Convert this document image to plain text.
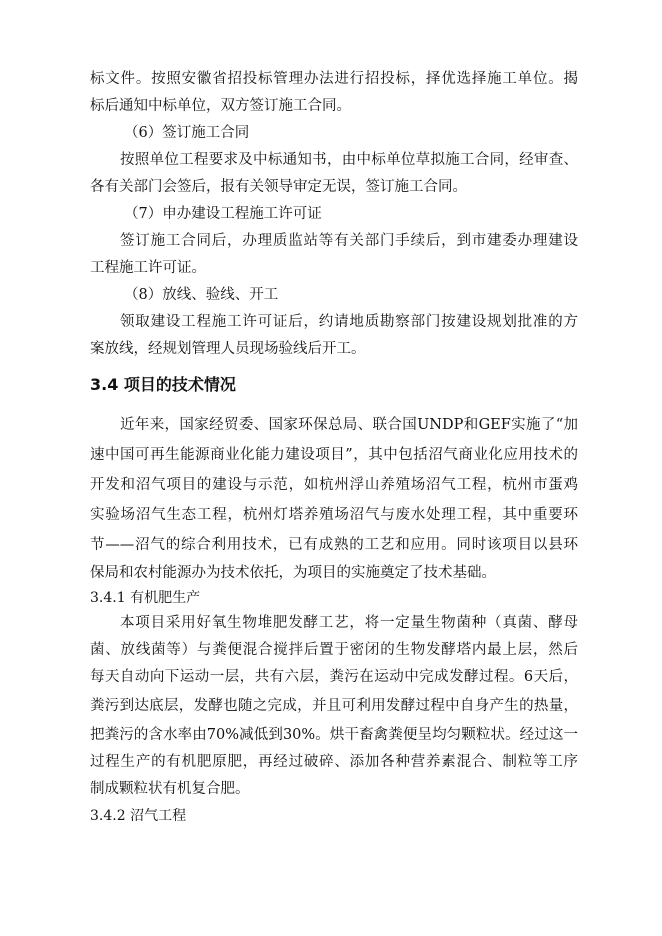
标文件。按照安徽省招投标管理办法进行招投标，择优选择施工单位。揭
标后通知中标单位，双方签订施工合同。
（6）签订施工合同
按照单位工程要求及中标通知书，由中标单位草拟施工合同，经审查、
各有关部门会签后，报有关领导审定无误，签订施工合同。
（7）申办建设工程施工许可证
签订施工合同后，办理质监站等有关部门手续后，到市建委办理建设
工程施工许可证。
（8）放线、验线、开工
领取建设工程施工许可证后，约请地质勘察部门按建设规划批准的方
案放线，经规划管理人员现场验线后开工。
3.4 项目的技术情况
近年来，国家经贸委、国家环保总局、联合国UNDP和GEF实施了“加
速中国可再生能源商业化能力建设项目”，其中包括沼气商业化应用技术的
开发和沼气项目的建设与示范，如杭州浮山养殖场沼气工程，杭州市蛋鸡
实验场沼气生态工程，杭州灯塔养殖场沼气与废水处理工程，其中重要环
节——沼气的综合利用技术，已有成熟的工艺和应用。同时该项目以县环
保局和农村能源办为技术依托，为项目的实施奠定了技术基础。
3.4.1 有机肥生产
本项目采用好氧生物堆肥发酵工艺，将一定量生物菌种（真菌、酵母
菌、放线菌等）与粪便混合搅拌后置于密闭的生物发酵塔内最上层，然后
每天自动向下运动一层，共有六层，粪污在运动中完成发酵过程。6天后，
粪污到达底层，发酵也随之完成，并且可利用发酵过程中自身产生的热量，
把粪污的含水率由70%减低到30%。烘干畜禽粪便呈均匀颗粒状。经过这一
过程生产的有机肥原肥，再经过破碎、添加各种营养素混合、制粒等工序
制成颗粒状有机复合肥。
3.4.2 沼气工程
